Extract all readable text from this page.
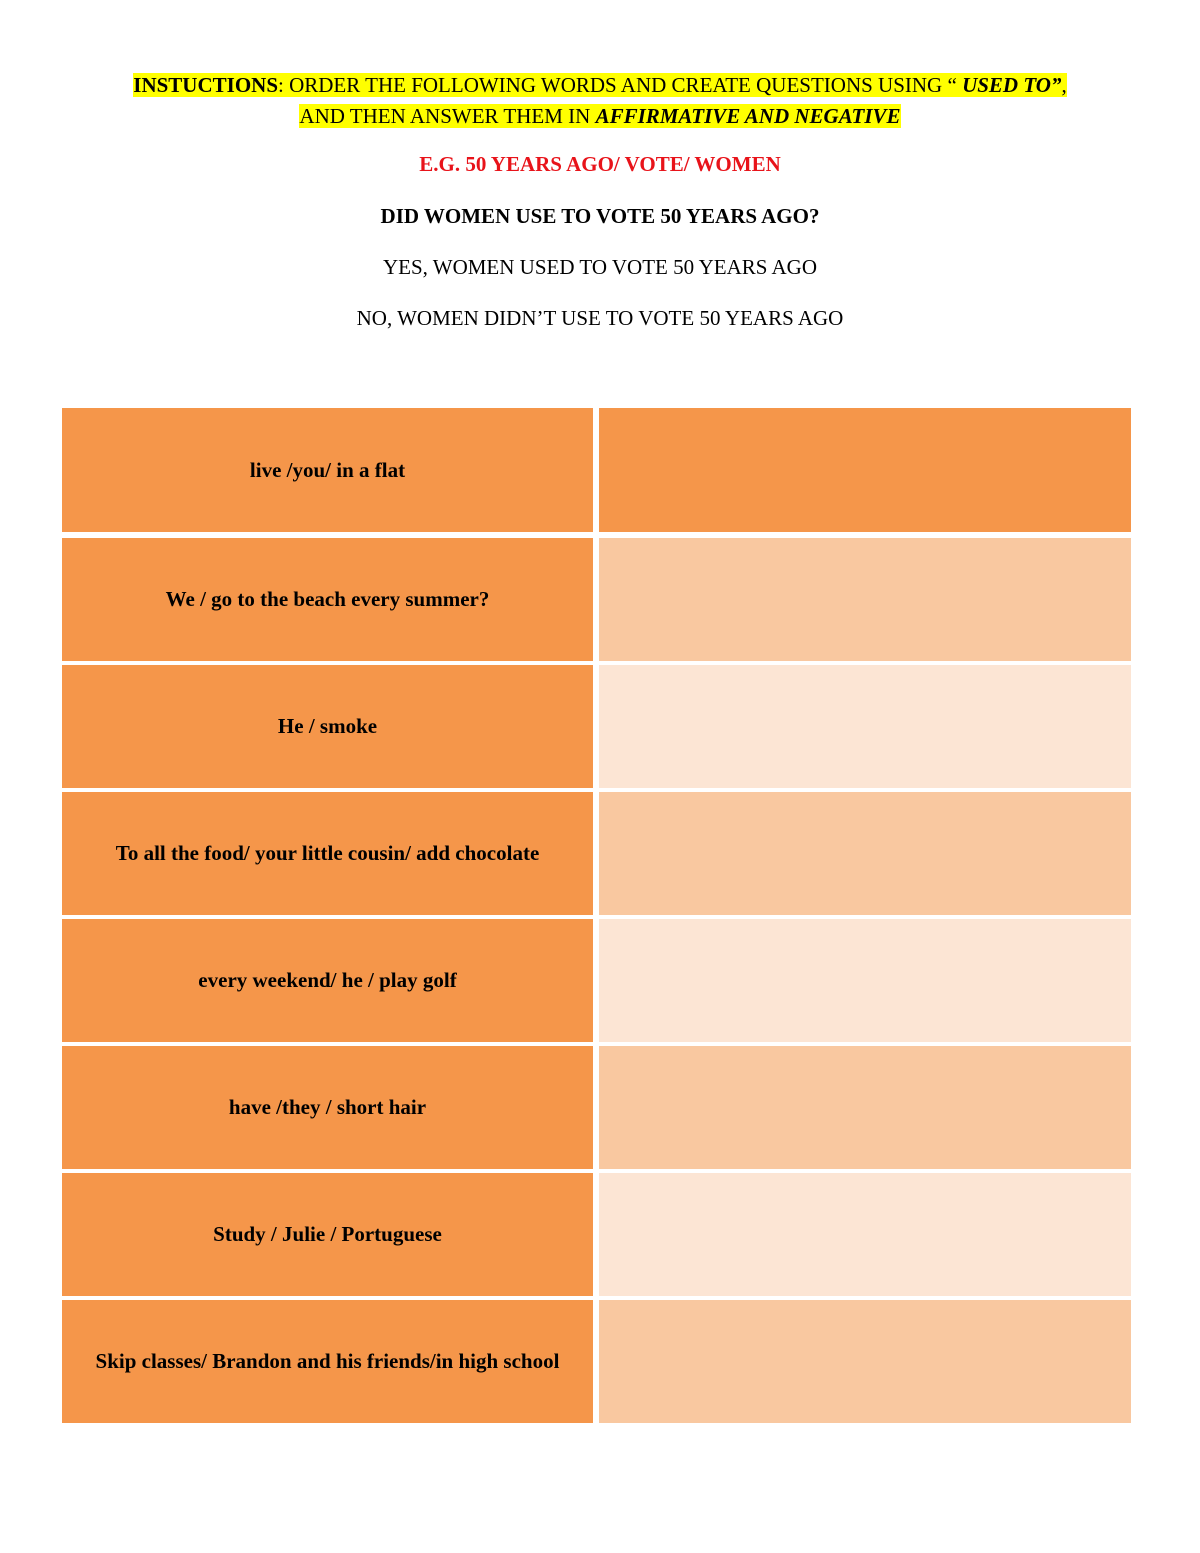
INSTUCTIONS: ORDER THE FOLLOWING WORDS AND CREATE QUESTIONS USING “ USED TO”,
AND THEN ANSWER THEM IN AFFIRMATIVE AND NEGATIVE
E.G. 50 YEARS AGO/ VOTE/ WOMEN
DID WOMEN USE TO VOTE 50 YEARS AGO?
YES, WOMEN USED TO VOTE 50 YEARS AGO
NO, WOMEN DIDN’T USE TO VOTE 50 YEARS AGO
live /you/ in a flat
We / go to the beach every summer?
He / smoke
To all the food/ your little cousin/ add chocolate
every weekend/ he / play golf
have /they / short hair
Study / Julie / Portuguese
Skip classes/ Brandon and his friends/in high school
